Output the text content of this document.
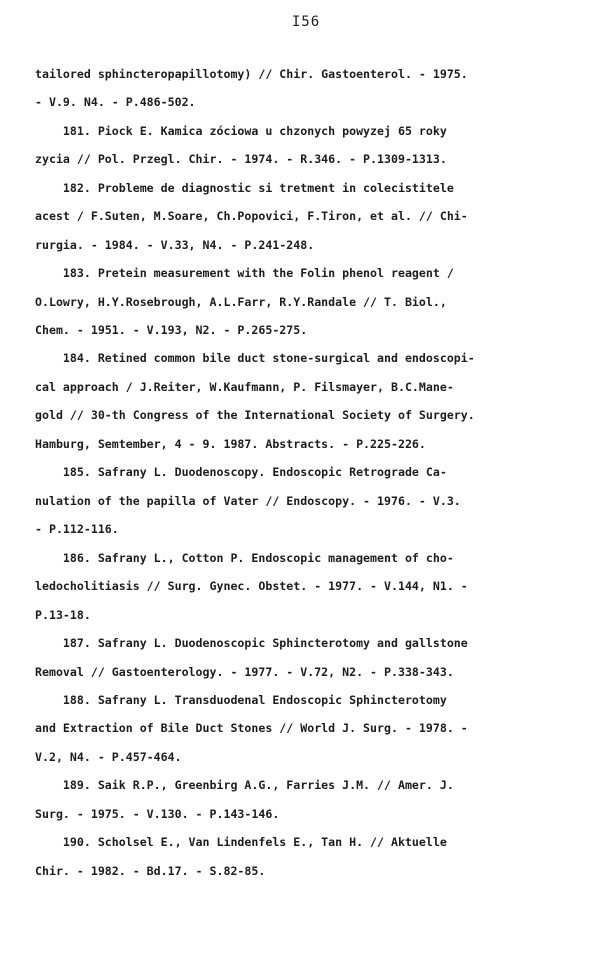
I56
tailored sphincteropapillotomy) // Chir. Gastoenterol. - 1975.
- V.9. N4. - P.486-502.
181. Piock E. Kamica zóciowa u chzonych powyzej 65 roky
zycia // Pol. Przegl. Chir. - 1974. - R.346. - P.1309-1313.
182. Probleme de diagnostic si tretment in colecistitele
acest / F.Suten, M.Soare, Ch.Popovici, F.Tiron, et al. // Chi-
rurgia. - 1984. - V.33, N4. - P.241-248.
183. Pretein measurement with the Folin phenol reagent /
O.Lowry, H.Y.Rosebrough, A.L.Farr, R.Y.Randale // T. Biol.,
Chem. - 1951. - V.193, N2. - P.265-275.
184. Retined common bile duct stone-surgical and endoscopi-
cal approach / J.Reiter, W.Kaufmann, P. Filsmayer, B.C.Mane-
gold // 30-th Congress of the International Society of Surgery.
Hamburg, Semtember, 4 - 9. 1987. Abstracts. - P.225-226.
185. Safrany L. Duodenoscopy. Endoscopic Retrograde Ca-
nulation of the papilla of Vater // Endoscopy. - 1976. - V.3.
- P.112-116.
186. Safrany L., Cotton P. Endoscopic management of cho-
ledocholitiasis // Surg. Gynec. Obstet. - 1977. - V.144, N1. -
P.13-18.
187. Safrany L. Duodenoscopic Sphincterotomy and gallstone
Removal // Gastoenterology. - 1977. - V.72, N2. - P.338-343.
188. Safrany L. Transduodenal Endoscopic Sphincterotomy
and Extraction of Bile Duct Stones // World J. Surg. - 1978. -
V.2, N4. - P.457-464.
189. Saik R.P., Greenbirg A.G., Farries J.M. // Amer. J.
Surg. - 1975. - V.130. - P.143-146.
190. Scholsel E., Van Lindenfels E., Tan H. // Aktuelle
Chir. - 1982. - Bd.17. - S.82-85.
